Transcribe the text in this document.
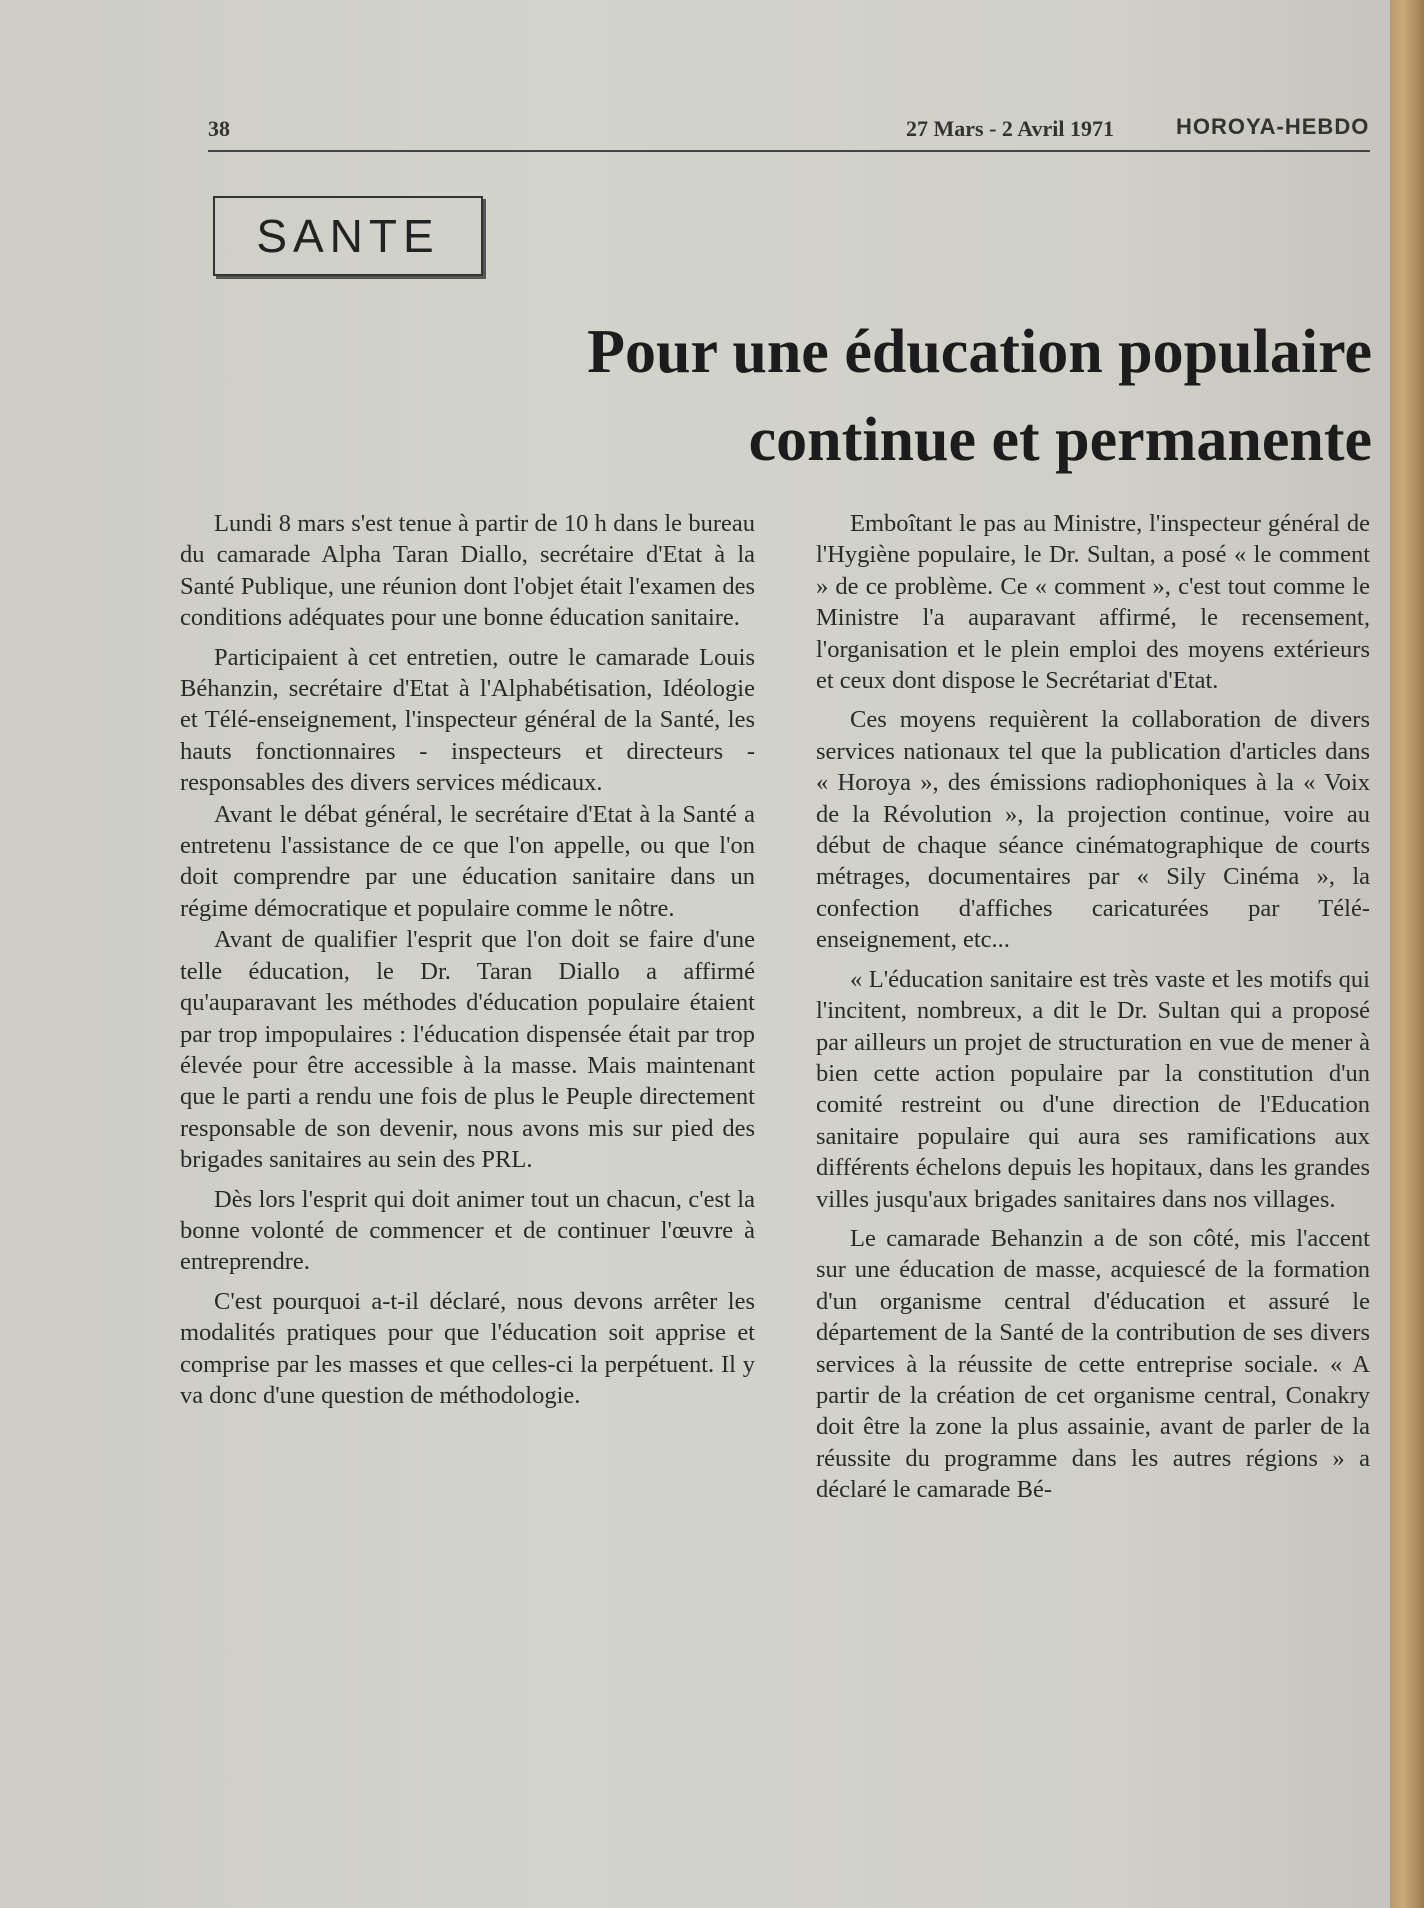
38	27 Mars - 2 Avril 1971	HOROYA-HEBDO
SANTE
Pour une éducation populaire
continue et permanente

Lundi 8 mars s'est tenue à partir de 10 h dans le bureau du camarade Alpha Taran Diallo, secrétaire d'Etat à la Santé Publique, une réunion dont l'objet était l'examen des conditions adéquates pour une bonne éducation sanitaire.

Participaient à cet entretien, outre le camarade Louis Béhanzin, secrétaire d'Etat à l'Alphabétisation, Idéologie et Télé-enseignement, l'inspecteur général de la Santé, les hauts fonctionnaires - inspecteurs et directeurs - responsables des divers services médicaux.

Avant le débat général, le secrétaire d'Etat à la Santé a entretenu l'assistance de ce que l'on appelle, ou que l'on doit comprendre par une éducation sanitaire dans un régime démocratique et populaire comme le nôtre.

Avant de qualifier l'esprit que l'on doit se faire d'une telle éducation, le Dr. Taran Diallo a affirmé qu'auparavant les méthodes d'éducation populaire étaient par trop impopulaires : l'éducation dispensée était par trop élevée pour être accessible à la masse. Mais maintenant que le parti a rendu une fois de plus le Peuple directement responsable de son devenir, nous avons mis sur pied des brigades sanitaires au sein des PRL.

Dès lors l'esprit qui doit animer tout un chacun, c'est la bonne volonté de commencer et de continuer l'œuvre à entreprendre.

C'est pourquoi a-t-il déclaré, nous devons arrêter les modalités pratiques pour que l'éducation soit apprise et comprise par les masses et que celles-ci la perpétuent. Il y va donc d'une question de méthodologie.

Emboîtant le pas au Ministre, l'inspecteur général de l'Hygiène populaire, le Dr. Sultan, a posé « le comment » de ce problème. Ce « comment », c'est tout comme le Ministre l'a auparavant affirmé, le recensement, l'organisation et le plein emploi des moyens extérieurs et ceux dont dispose le Secrétariat d'Etat.

Ces moyens requièrent la collaboration de divers services nationaux tel que la publication d'articles dans « Horoya », des émissions radiophoniques à la « Voix de la Révolution », la projection continue, voire au début de chaque séance cinématographique de courts métrages, documentaires par « Sily Cinéma », la confection d'affiches caricaturées par Télé-enseignement, etc...

« L'éducation sanitaire est très vaste et les motifs qui l'incitent, nombreux, a dit le Dr. Sultan qui a proposé par ailleurs un projet de structuration en vue de mener à bien cette action populaire par la constitution d'un comité restreint ou d'une direction de l'Education sanitaire populaire qui aura ses ramifications aux différents échelons depuis les hopitaux, dans les grandes villes jusqu'aux brigades sanitaires dans nos villages.

Le camarade Behanzin a de son côté, mis l'accent sur une éducation de masse, acquiescé de la formation d'un organisme central d'éducation et assuré le département de la Santé de la contribution de ses divers services à la réussite de cette entreprise sociale. « A partir de la création de cet organisme central, Conakry doit être la zone la plus assainie, avant de parler de la réussite du programme dans les autres régions » a déclaré le camarade Bé-
